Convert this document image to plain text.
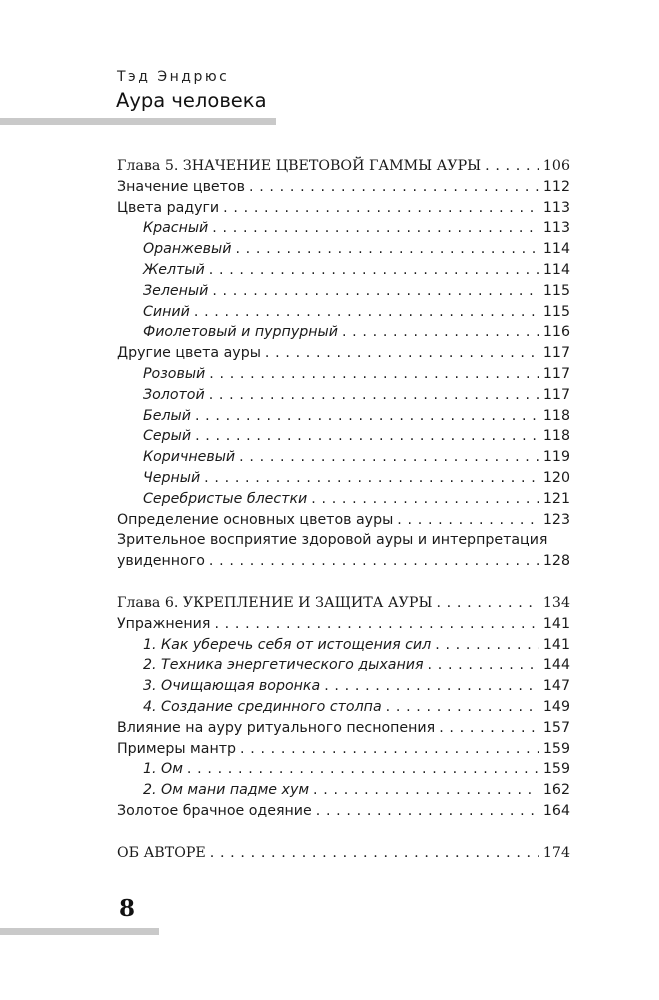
Тэд Эндрюс
Аура человека
Глава 5. ЗНАЧЕНИЕ ЦВЕТОВОЙ ГАММЫ АУРЫ . . .	106
Значение цветов . . .	112
Цвета радуги . . .	113
Красный . . .	113
Оранжевый . . .	114
Желтый . . .	114
Зеленый . . .	115
Синий . . .	115
Фиолетовый и пурпурный . . .	116
Другие цвета ауры . . .	117
Розовый . . .	117
Золотой . . .	117
Белый . . .	118
Серый . . .	118
Коричневый . . .	119
Черный . . .	120
Серебристые блестки . . .	121
Определение основных цветов ауры . . .	123
Зрительное восприятие здоровой ауры и интерпретация
увиденного . . .	128
Глава 6. УКРЕПЛЕНИЕ И ЗАЩИТА АУРЫ . . .	134
Упражнения . . .	141
1. Как уберечь себя от истощения сил . . .	141
2. Техника энергетического дыхания . . .	144
3. Очищающая воронка . . .	147
4. Создание срединного столпа . . .	149
Влияние на ауру ритуального песнопения . . .	157
Примеры мантр . . .	159
1. Ом . . .	159
2. Ом мани падме хум . . .	162
Золотое брачное одеяние . . .	164
ОБ АВТОРЕ . . .	174
8
